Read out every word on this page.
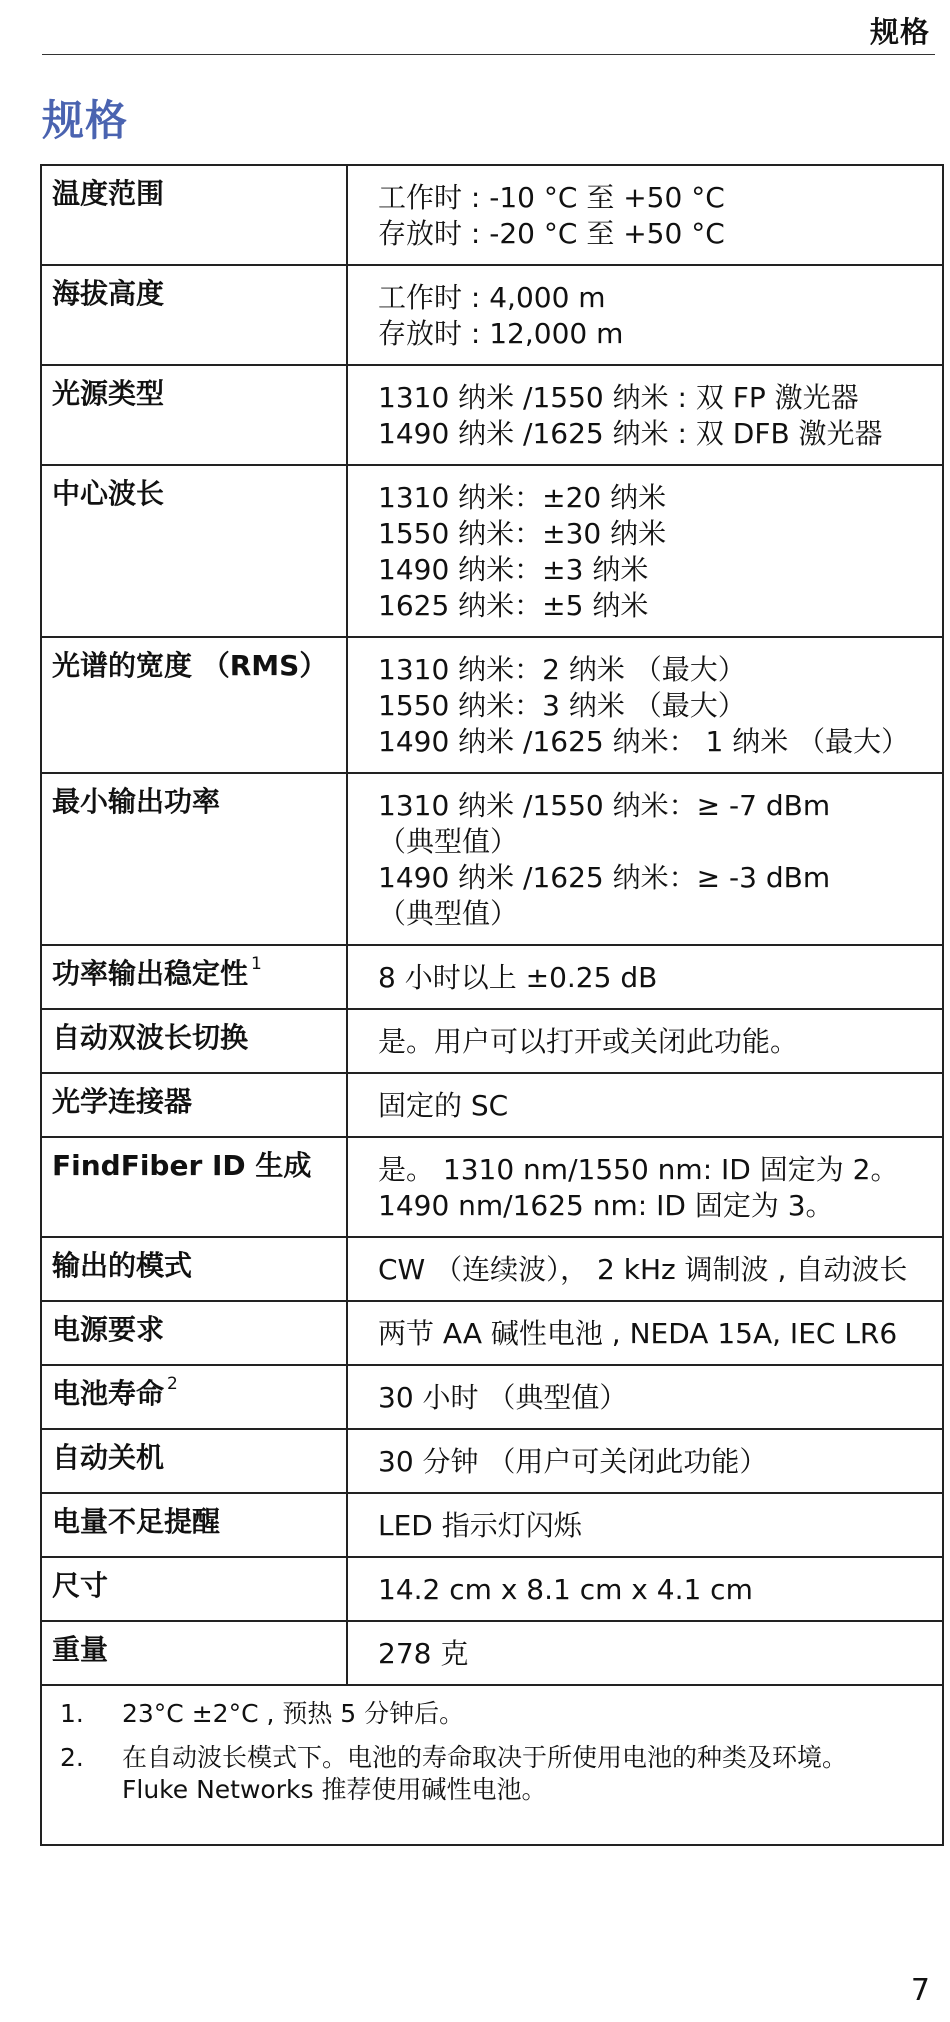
规格
规格
温度范围	工作时 : -10 °C 至 +50 °C
存放时 : -20 °C 至 +50 °C

海拔高度	工作时 : 4,000 m
存放时 : 12,000 m

光源类型	1310 纳米 /1550 纳米 : 双 FP 激光器
1490 纳米 /1625 纳米 : 双 DFB 激光器

中心波长	1310 纳米：±20 纳米
1550 纳米：±30 纳米
1490 纳米：±3 纳米
1625 纳米：±5 纳米

光谱的宽度 （RMS）	1310 纳米：2 纳米 （最大）
1550 纳米：3 纳米 （最大）
1490 纳米 /1625 纳米： 1 纳米 （最大）

最小输出功率	1310 纳米 /1550 纳米：≥ -7 dBm
（典型值）
1490 纳米 /1625 纳米：≥ -3 dBm
（典型值）

功率输出稳定性 $^1$	8 小时以上 ±0.25 dB

自动双波长切换	是。用户可以打开或关闭此功能。

光学连接器	固定的 SC

FindFiber ID 生成	是。 1310 nm/1550 nm: ID 固定为 2。
1490 nm/1625 nm: ID 固定为 3。

输出的模式	CW （连续波）， 2 kHz 调制波 , 自动波长

电源要求	两节 AA 碱性电池 , NEDA 15A, IEC LR6

电池寿命 $^2$	30 小时 （典型值）

自动关机	30 分钟 （用户可关闭此功能）

电量不足提醒	LED 指示灯闪烁

尺寸	14.2 cm x 8.1 cm x 4.1 cm

重量	278 克
1.	23°C ±2°C , 预热 5 分钟后。
2.	在自动波长模式下。电池的寿命取决于所使用电池的种类及环境。
Fluke Networks 推荐使用碱性电池。
7
